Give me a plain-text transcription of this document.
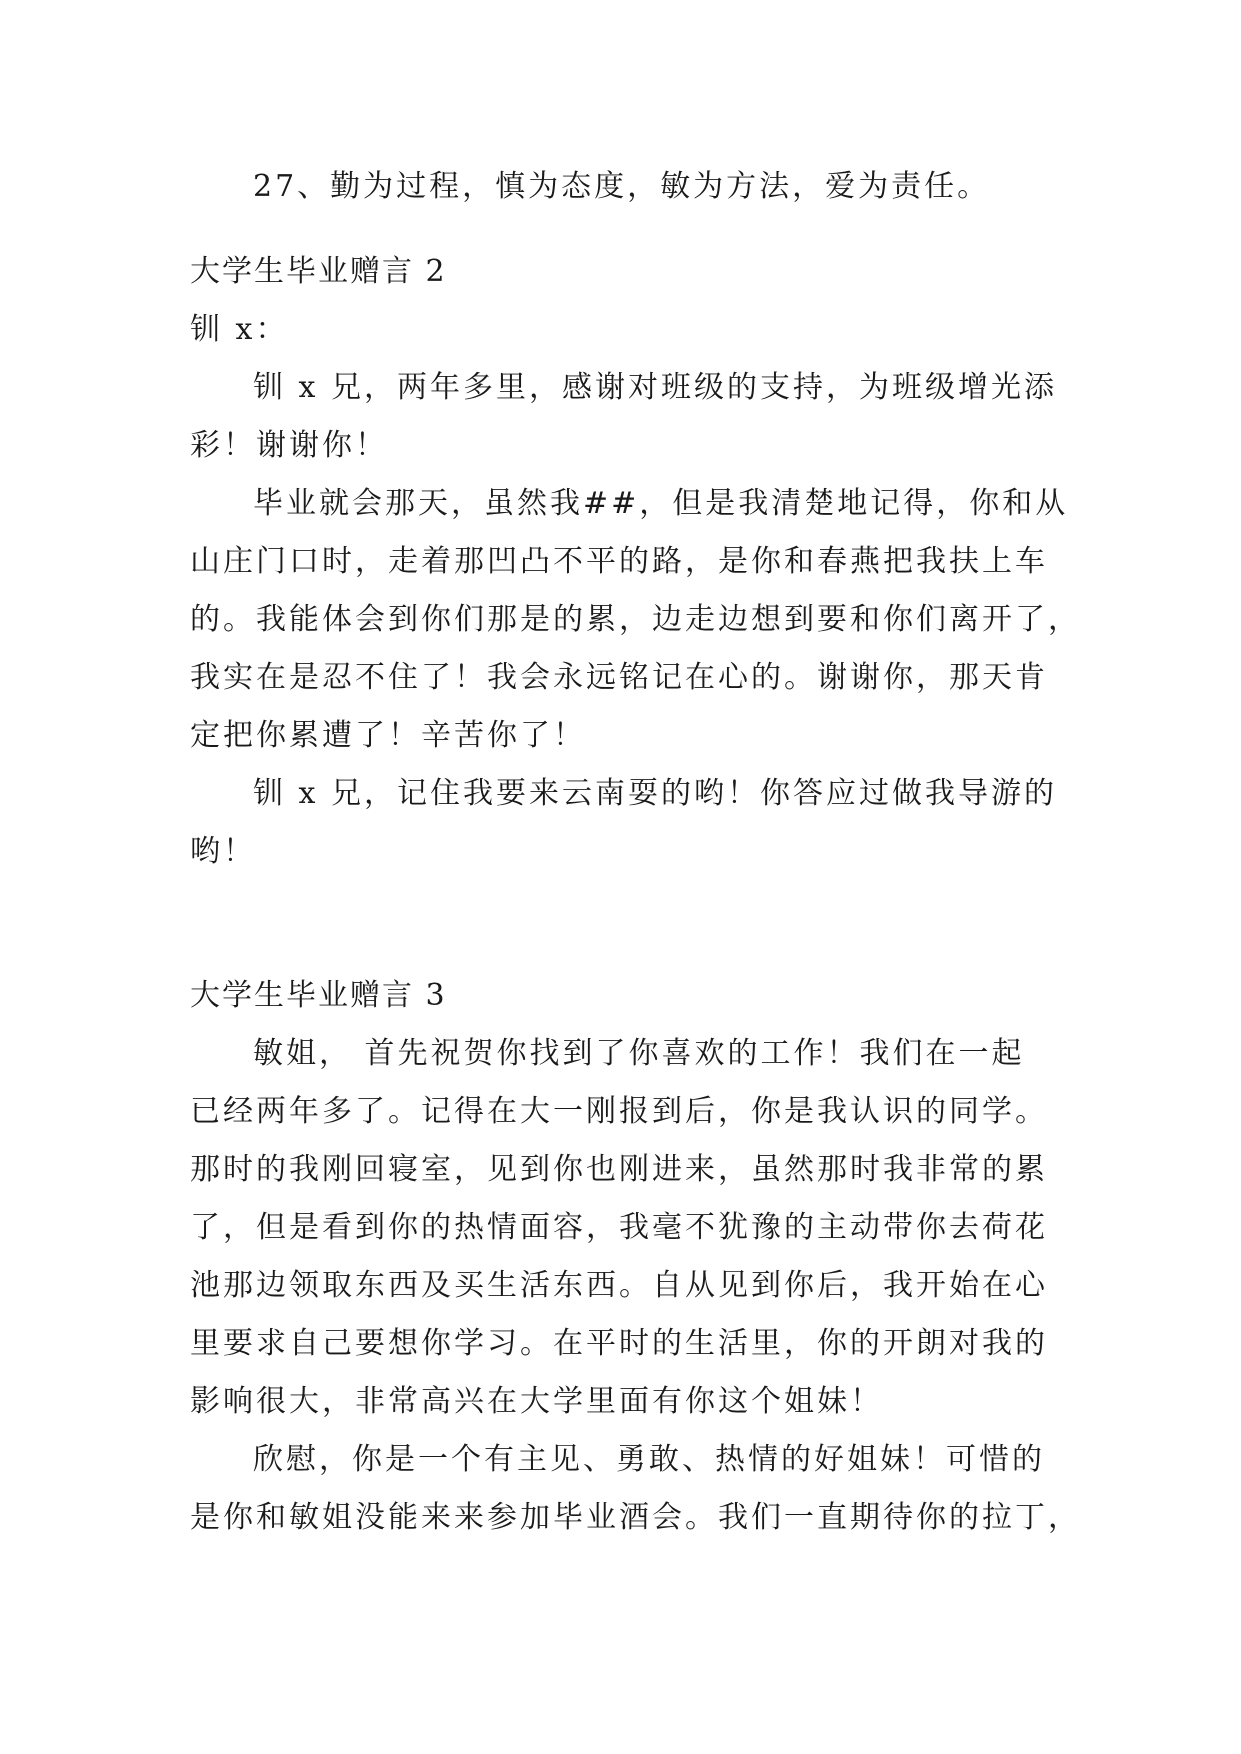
27、勤为过程，慎为态度，敏为方法，爱为责任。
大学生毕业赠言 2
钏 x：
钏 x 兄，两年多里，感谢对班级的支持，为班级增光添
彩！谢谢你！
毕业就会那天，虽然我##，但是我清楚地记得，你和从
山庄门口时，走着那凹凸不平的路，是你和春燕把我扶上车
的。我能体会到你们那是的累，边走边想到要和你们离开了，
我实在是忍不住了！我会永远铭记在心的。谢谢你，那天肯
定把你累遭了！辛苦你了！
钏 x 兄，记住我要来云南耍的哟！你答应过做我导游的
哟！
大学生毕业赠言 3
敏姐， 首先祝贺你找到了你喜欢的工作！我们在一起
已经两年多了。记得在大一刚报到后，你是我认识的同学。
那时的我刚回寝室，见到你也刚进来，虽然那时我非常的累
了，但是看到你的热情面容，我毫不犹豫的主动带你去荷花
池那边领取东西及买生活东西。自从见到你后，我开始在心
里要求自己要想你学习。在平时的生活里，你的开朗对我的
影响很大，非常高兴在大学里面有你这个姐妹！
欣慰，你是一个有主见、勇敢、热情的好姐妹！可惜的
是你和敏姐没能来来参加毕业酒会。我们一直期待你的拉丁，
